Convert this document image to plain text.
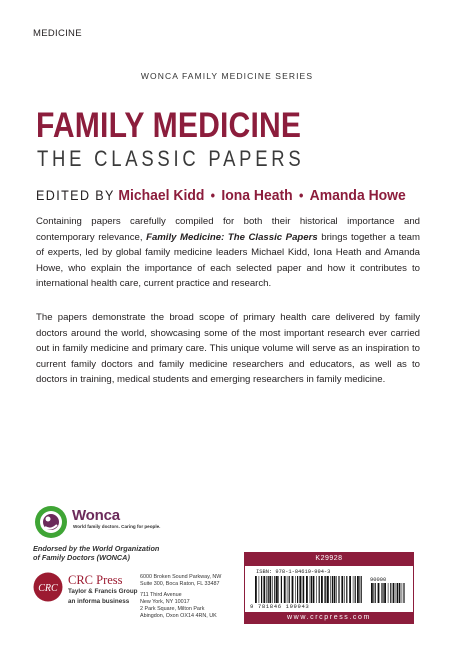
MEDICINE
WONCA FAMILY MEDICINE SERIES
FAMILY MEDICINE
THE CLASSIC PAPERS
EDITED BY Michael Kidd • Iona Heath • Amanda Howe
Containing papers carefully compiled for both their historical importance and contemporary relevance, Family Medicine: The Classic Papers brings together a team of experts, led by global family medicine leaders Michael Kidd, Iona Heath and Amanda Howe, who explain the importance of each selected paper and how it contributes to international health care, current practice and research.
The papers demonstrate the broad scope of primary health care delivered by family doctors around the world, showcasing some of the most important research ever carried out in family medicine and primary care. This unique volume will serve as an inspiration to current family doctors and family medicine researchers and educators, as well as to doctors in training, medical students and emerging researchers in family medicine.
Wonca
World family doctors. Caring for people.
Endorsed by the World Organization
of Family Doctors (WONCA)
CRC
CRC Press
Taylor & Francis Group
an informa business
6000 Broken Sound Parkway, NW
Suite 300, Boca Raton, FL 33487
711 Third Avenue
New York, NY 10017
2 Park Square, Milton Park
Abingdon, Oxon OX14 4RN, UK
K29928
ISBN: 978-1-84619-994-3
90000
9 781846 199943
www.crcpress.com
